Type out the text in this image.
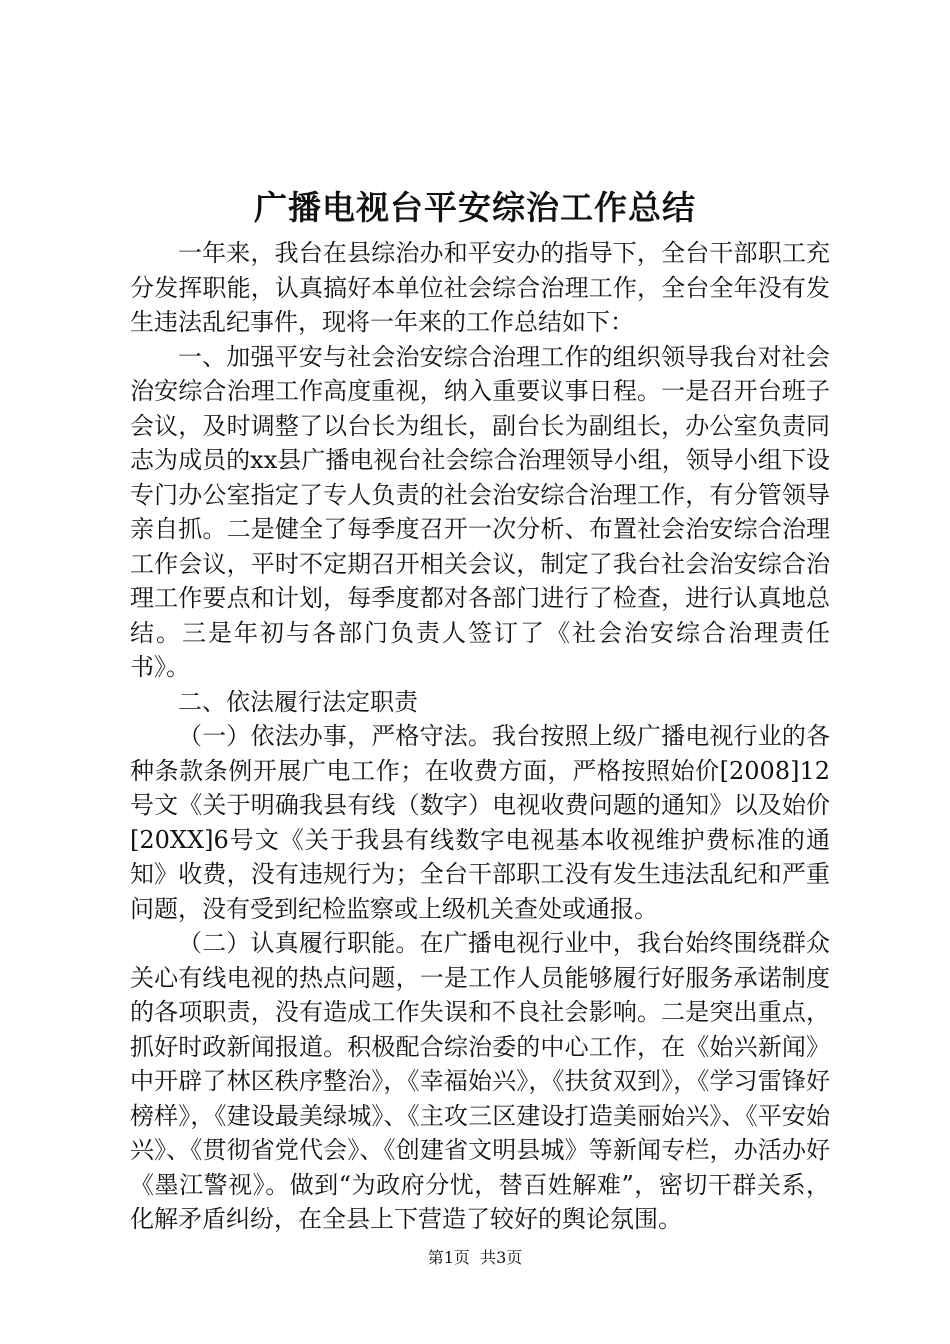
广播电视台平安综治工作总结

一年来，我台在县综治办和平安办的指导下，全台干部职工充分发挥职能，认真搞好本单位社会综合治理工作，全台全年没有发生违法乱纪事件，现将一年来的工作总结如下：

一、加强平安与社会治安综合治理工作的组织领导我台对社会治安综合治理工作高度重视，纳入重要议事日程。一是召开台班子会议，及时调整了以台长为组长，副台长为副组长，办公室负责同志为成员的xx县广播电视台社会综合治理领导小组，领导小组下设专门办公室指定了专人负责的社会治安综合治理工作，有分管领导亲自抓。二是健全了每季度召开一次分析、布置社会治安综合治理工作会议，平时不定期召开相关会议，制定了我台社会治安综合治理工作要点和计划，每季度都对各部门进行了检查，进行认真地总结。三是年初与各部门负责人签订了《社会治安综合治理责任书》。

二、依法履行法定职责

（一）依法办事，严格守法。我台按照上级广播电视行业的各种条款条例开展广电工作；在收费方面，严格按照始价[2008]12号文《关于明确我县有线（数字）电视收费问题的通知》以及始价[20XX]6号文《关于我县有线数字电视基本收视维护费标准的通知》收费，没有违规行为；全台干部职工没有发生违法乱纪和严重问题，没有受到纪检监察或上级机关查处或通报。

（二）认真履行职能。在广播电视行业中，我台始终围绕群众关心有线电视的热点问题，一是工作人员能够履行好服务承诺制度的各项职责，没有造成工作失误和不良社会影响。二是突出重点，抓好时政新闻报道。积极配合综治委的中心工作，在《始兴新闻》中开辟了林区秩序整治》，《幸福始兴》，《扶贫双到》，《学习雷锋好榜样》，《建设最美绿城》、《主攻三区建设打造美丽始兴》、《平安始兴》、《贯彻省党代会》、《创建省文明县城》等新闻专栏，办活办好《墨江警视》。做到“为政府分忧，替百姓解难”，密切干群关系，化解矛盾纠纷，在全县上下营造了较好的舆论氛围。

第1页 共3页
